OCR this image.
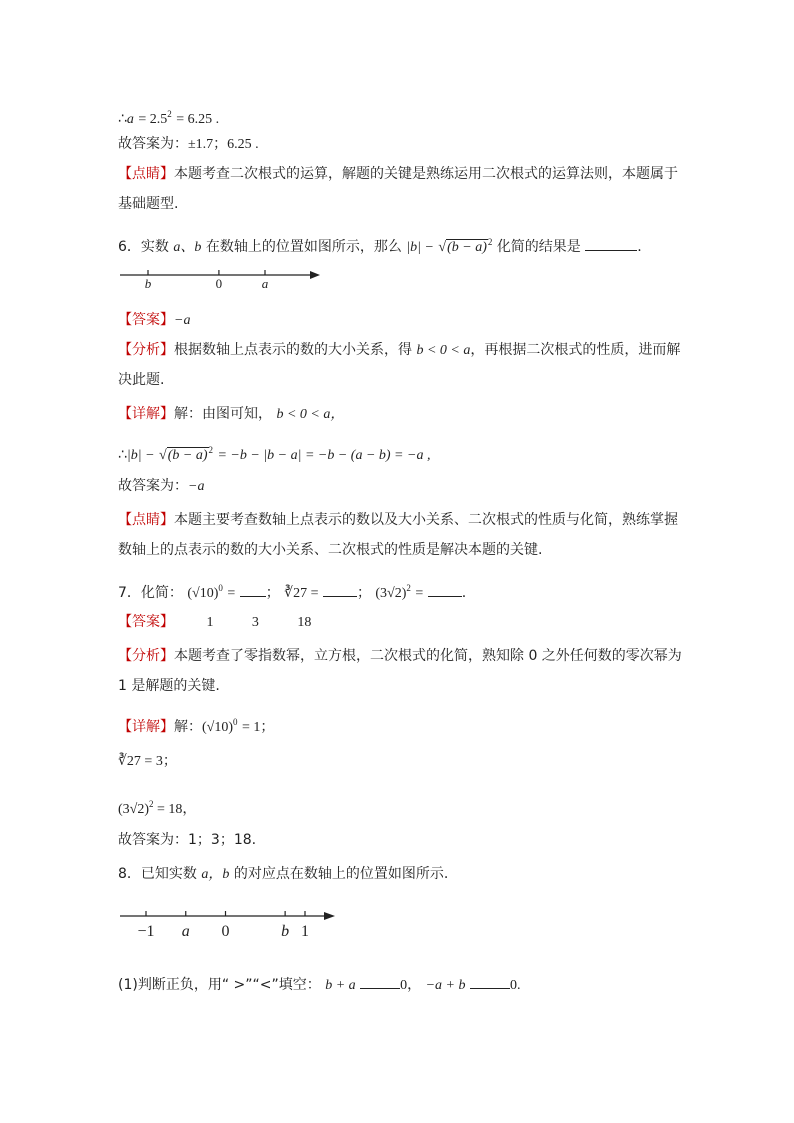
∴a = $2.5^2 = 6.25$ .
故答案为：±1.7；6.25 .
【点睛】本题考查二次根式的运算，解题的关键是熟练运用二次根式的运算法则，本题属于
基础题型.
6．实数 a、b 在数轴上的位置如图所示，那么 $|b| - √(b - a)^2$ 化简的结果是	.
b	0	a
【答案】−a
【分析】根据数轴上点表示的数的大小关系，得 b < 0 < a，再根据二次根式的性质，进而解
决此题.
【详解】解：由图可知， b < 0 < a，
∴|b| − $√(b - a)^2 = -b - |b - a| = -b - (a - b) = -a$ ,
故答案为：−a
【点睛】本题主要考查数轴上点表示的数以及大小关系、二次根式的性质与化简，熟练掌握
数轴上的点表示的数的大小关系、二次根式的性质是解决本题的关键.
7．化简： $(√10)^0$ = ； ∛27 =	； $(3√2)^2$ =	.
【答案】 1	3	18
【分析】本题考查了零指数幂，立方根，二次根式的化简，熟知除 0 之外任何数的零次幂为
1 是解题的关键.
【详解】解：$(√10)^0 = 1$；
∛27 = 3；
$(3√2)^2 = 18$，
故答案为：1；3；18.
8．已知实数 a，b 的对应点在数轴上的位置如图所示.
−1 a 0	b 1
(1)判断正负，用“ >”“<”填空： b + a	0， −a + b	0.
